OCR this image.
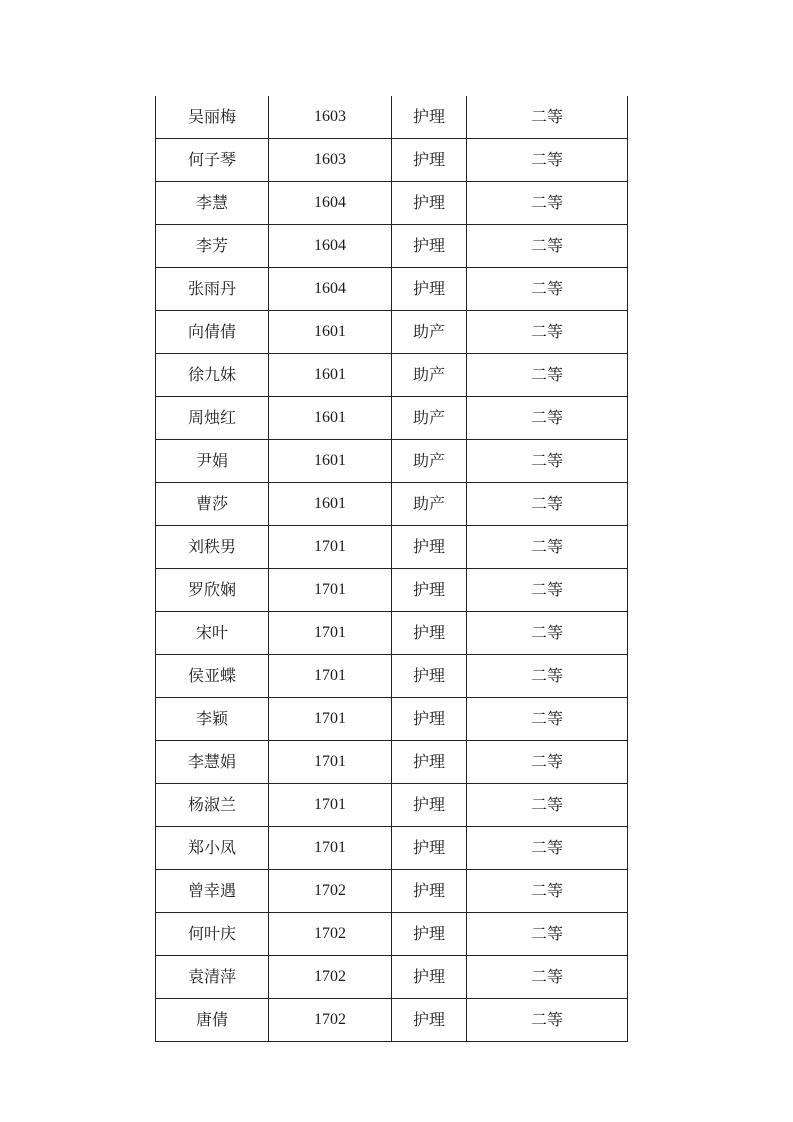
吴丽梅	1603	护理	二等
何子琴	1603	护理	二等
李慧	1604	护理	二等
李芳	1604	护理	二等
张雨丹	1604	护理	二等
向倩倩	1601	助产	二等
徐九妹	1601	助产	二等
周烛红	1601	助产	二等
尹娟	1601	助产	二等
曹莎	1601	助产	二等
刘秩男	1701	护理	二等
罗欣娴	1701	护理	二等
宋叶	1701	护理	二等
侯亚蝶	1701	护理	二等
李颖	1701	护理	二等
李慧娟	1701	护理	二等
杨淑兰	1701	护理	二等
郑小凤	1701	护理	二等
曾幸遇	1702	护理	二等
何叶庆	1702	护理	二等
袁清萍	1702	护理	二等
唐倩	1702	护理	二等
